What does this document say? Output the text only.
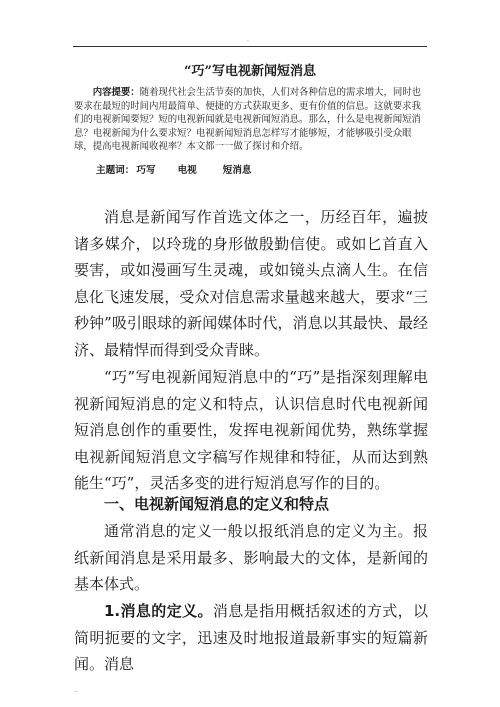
.
“巧”写电视新闻短消息

内容提要：随着现代社会生活节奏的加快，人们对各种信息的需求增大，同时也要求在最短的时间内用最简单、便捷的方式获取更多、更有价值的信息。这就要求我们的电视新闻要短？短的电视新闻就是电视新闻短消息。那么，什么是电视新闻短消息？电视新闻为什么要求短？电视新闻短消息怎样写才能够短，才能够吸引受众眼球，提高电视新闻收视率？本文都一一做了探讨和介绍。

主题词： 巧写 电视	短消息

消息是新闻写作首选文体之一，历经百年，遍披诸多媒介，以玲珑的身形做殷勤信使。或如匕首直入要害，或如漫画写生灵魂，或如镜头点滴人生。在信息化飞速发展，受众对信息需求量越来越大，要求“三秒钟”吸引眼球的新闻媒体时代，消息以其最快、最经济、最精悍而得到受众青睐。

“巧”写电视新闻短消息中的“巧”是指深刻理解电视新闻短消息的定义和特点，认识信息时代电视新闻短消息创作的重要性，发挥电视新闻优势，熟练掌握电视新闻短消息文字稿写作规律和特征，从而达到熟能生“巧”，灵活多变的进行短消息写作的目的。

一、电视新闻短消息的定义和特点

通常消息的定义一般以报纸消息的定义为主。报纸新闻消息是采用最多、影响最大的文体，是新闻的基本体式。

1.消息的定义。消息是指用概括叙述的方式，以简明扼要的文字，迅速及时地报道最新事实的短篇新闻。消息

..
